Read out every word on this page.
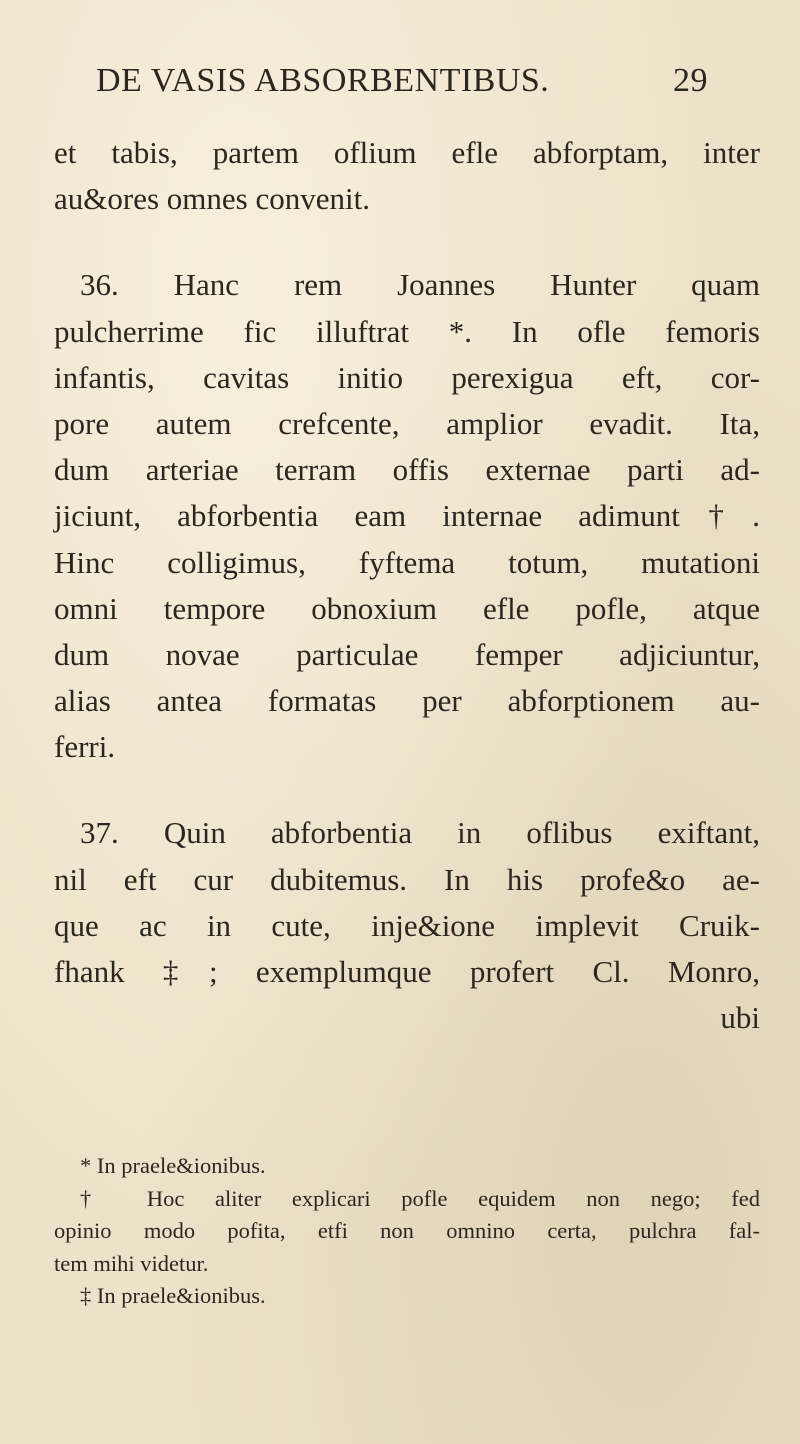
DE VASIS ABSORBENTIBUS.	29
et tabis, partem oflium efle abforptam, inter
au&ores omnes convenit.
36. Hanc rem Joannes Hunter quam
pulcherrime fic illuftrat *. In ofle femoris
infantis, cavitas initio perexigua eft, cor-
pore autem crefcente, amplior evadit. Ita,
dum arteriae terram offis externae parti ad-
jiciunt, abforbentia eam internae adimunt†.
Hinc colligimus, fyftema totum, mutationi
omni tempore obnoxium efle pofle, atque
dum novae particulae femper adjiciuntur,
alias antea formatas per abforptionem au-
ferri.
37. Quin abforbentia in oflibus exiftant,
nil eft cur dubitemus. In his profe&o ae-
que ac in cute, inje&ione implevit Cruik-
fhank ‡; exemplumque profert Cl. Monro,
ubi
* In praele&ionibus.
† Hoc aliter explicari pofle equidem non nego; fed
opinio modo pofita, etfi non omnino certa, pulchra fal-
tem mihi videtur.
‡ In praele&ionibus.
